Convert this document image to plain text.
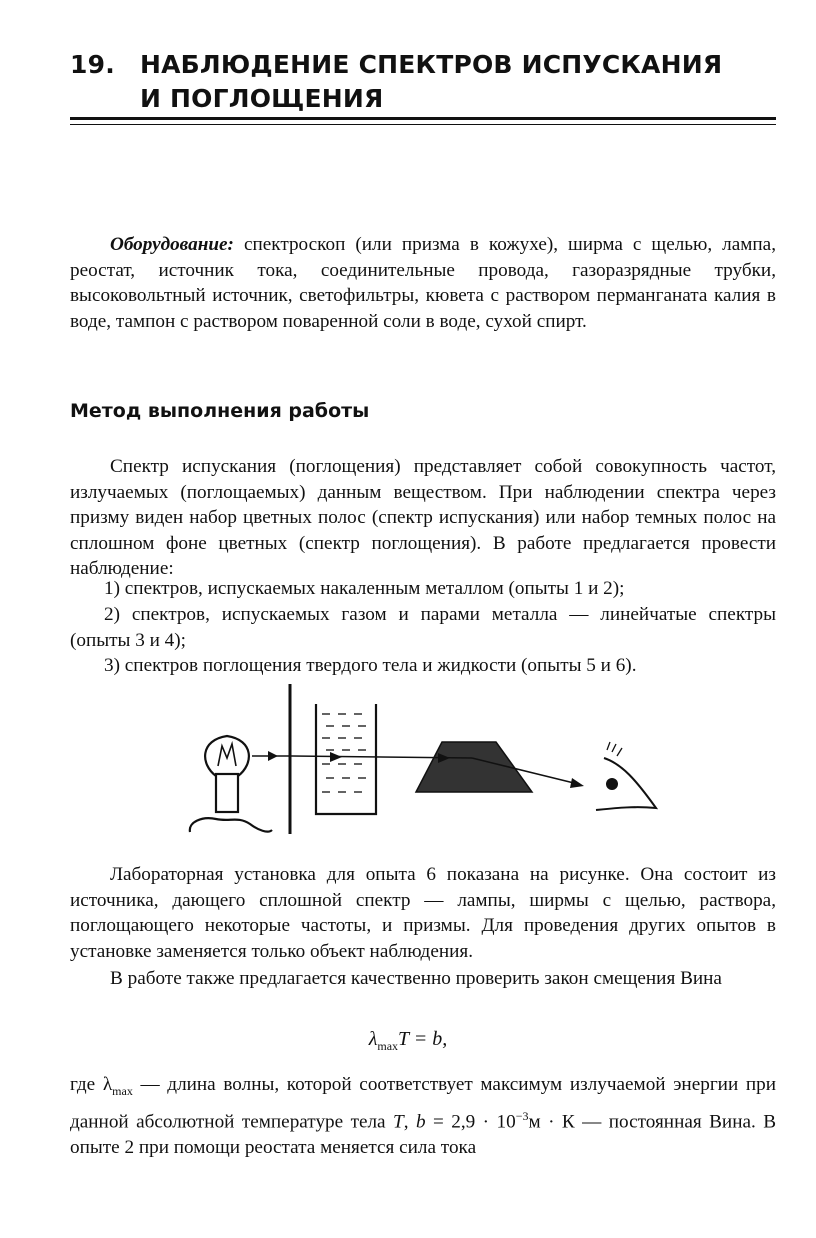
19. НАБЛЮДЕНИЕ СПЕКТРОВ ИСПУСКАНИЯ
И ПОГЛОЩЕНИЯ

Оборудование: спектроскоп (или призма в кожухе), ширма с щелью, лампа, реостат, источник тока, соединительные провода, газоразрядные трубки, высоковольтный источник, светофильтры, кювета с раствором перманганата калия в воде, тампон с раствором поваренной соли в воде, сухой спирт.

Метод выполнения работы

Спектр испускания (поглощения) представляет собой совокупность частот, излучаемых (поглощаемых) данным веществом. При наблюдении спектра через призму виден набор цветных полос (спектр испускания) или набор темных полос на сплошном фоне цветных (спектр поглощения). В работе предлагается провести наблюдение:

1) спектров, испускаемых накаленным металлом (опыты 1 и 2);

2) спектров, испускаемых газом и парами металла — линейчатые спектры (опыты 3 и 4);

3) спектров поглощения твердого тела и жидкости (опыты 5 и 6).

Лабораторная установка для опыта 6 показана на рисунке. Она состоит из источника, дающего сплошной спектр — лампы, ширмы с щелью, раствора, поглощающего некоторые частоты, и призмы. Для проведения других опытов в установке заменяется только объект наблюдения.

В работе также предлагается качественно проверить закон смещения Вина

$\lambda_{max}T = b$,

где $\lambda_{max}$ — длина волны, которой соответствует максимум излучаемой энергии при данной абсолютной температуре тела T, $b = 2,9 \cdot 10^{-3}м \cdot К$ — постоянная Вина. В опыте 2 при помощи реостата меняется сила тока
